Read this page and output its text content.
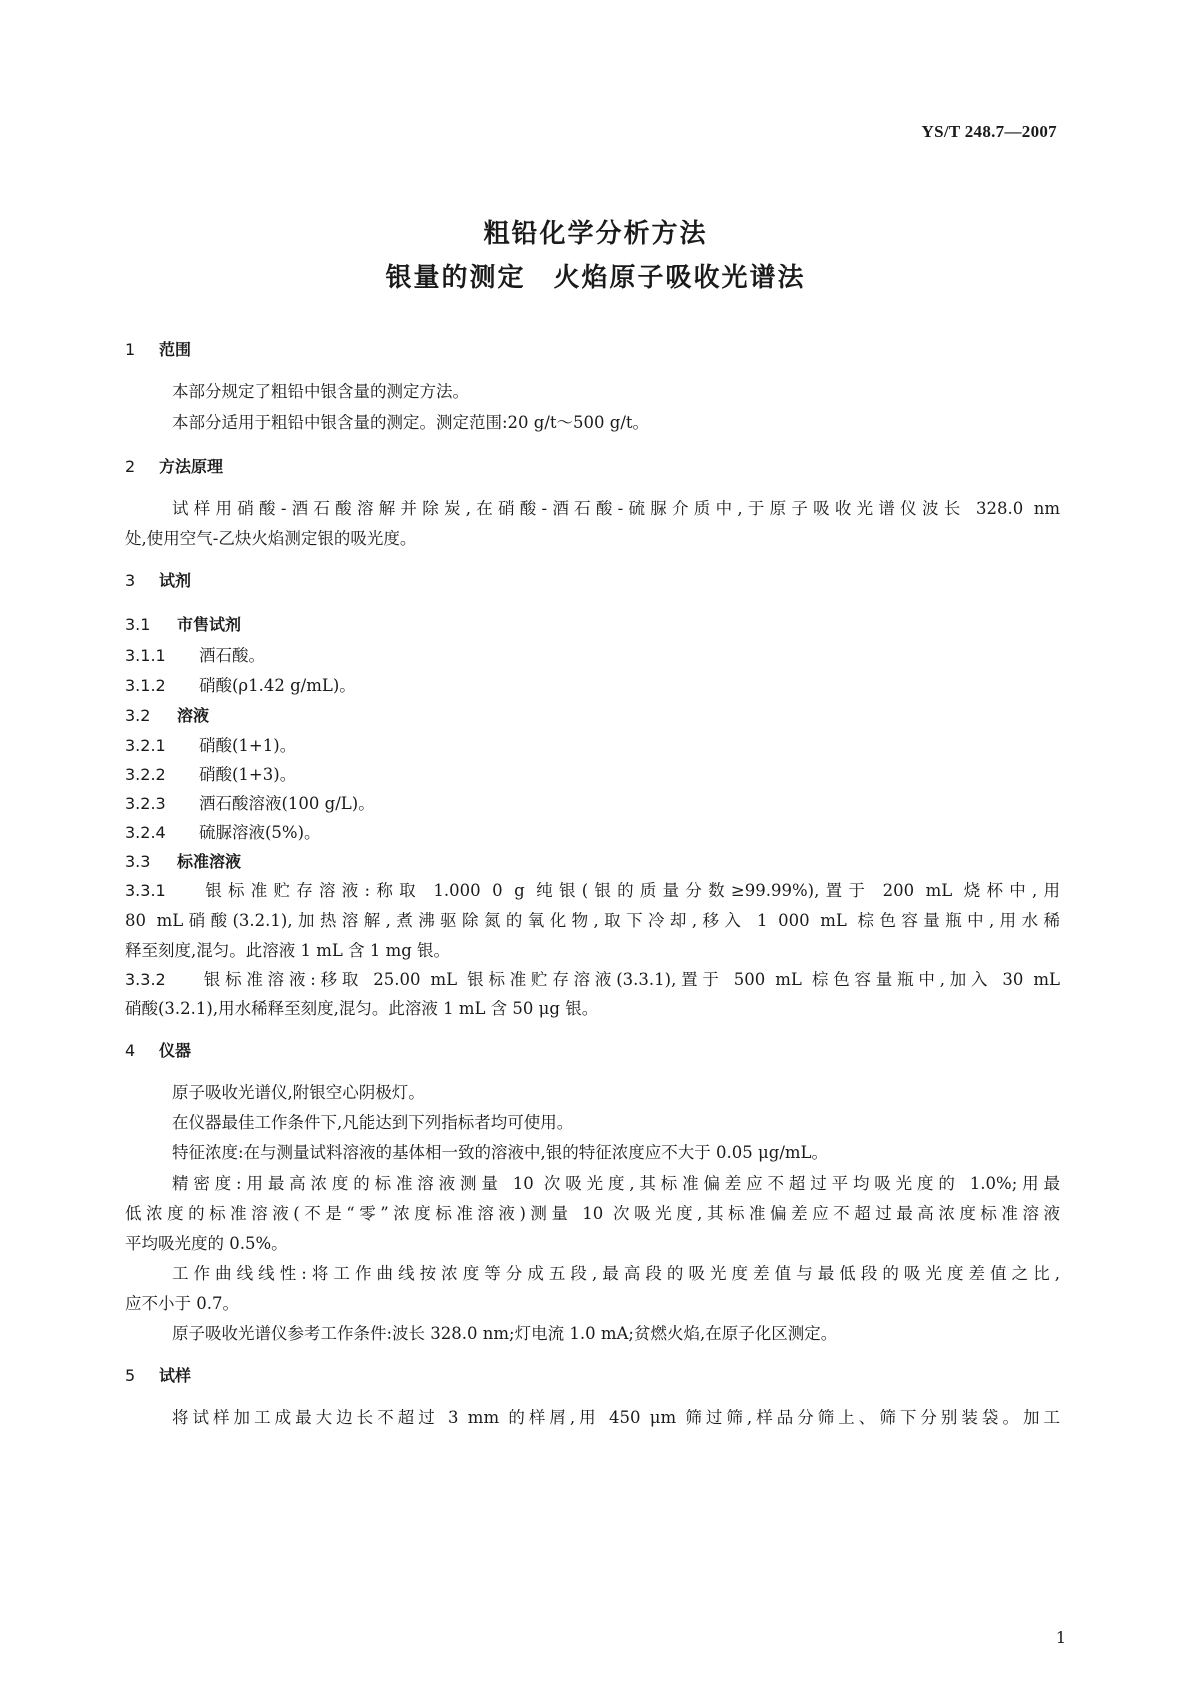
YS/T 248.7—2007
粗铅化学分析方法
银量的测定　火焰原子吸收光谱法
1 范围
本部分规定了粗铅中银含量的测定方法。
本部分适用于粗铅中银含量的测定。测定范围:20 g/t～500 g/t。
2 方法原理
试样用硝酸-酒石酸溶解并除炭,在硝酸-酒石酸-硫脲介质中,于原子吸收光谱仪波长 328.0 nm
处,使用空气-乙炔火焰测定银的吸光度。
3 试剂
3.1 市售试剂
3.1.1 酒石酸。
3.1.2 硝酸(ρ1.42 g/mL)。
3.2 溶液
3.2.1 硝酸(1+1)。
3.2.2 硝酸(1+3)。
3.2.3 酒石酸溶液(100 g/L)。
3.2.4 硫脲溶液(5%)。
3.3 标准溶液
3.3.1 银标准贮存溶液:称取 1.000 0 g 纯银(银的质量分数≥99.99%),置于 200 mL 烧杯中,用
80 mL硝酸(3.2.1),加热溶解,煮沸驱除氮的氧化物,取下冷却,移入 1 000 mL 棕色容量瓶中,用水稀
释至刻度,混匀。此溶液 1 mL 含 1 mg 银。
3.3.2 银标准溶液:移取 25.00 mL 银标准贮存溶液(3.3.1),置于 500 mL 棕色容量瓶中,加入 30 mL
硝酸(3.2.1),用水稀释至刻度,混匀。此溶液 1 mL 含 50 μg 银。
4 仪器
原子吸收光谱仪,附银空心阴极灯。
在仪器最佳工作条件下,凡能达到下列指标者均可使用。
特征浓度:在与测量试料溶液的基体相一致的溶液中,银的特征浓度应不大于 0.05 μg/mL。
精密度:用最高浓度的标准溶液测量 10 次吸光度,其标准偏差应不超过平均吸光度的 1.0%;用最
低浓度的标准溶液(不是“零”浓度标准溶液)测量 10 次吸光度,其标准偏差应不超过最高浓度标准溶液
平均吸光度的 0.5%。
工作曲线线性:将工作曲线按浓度等分成五段,最高段的吸光度差值与最低段的吸光度差值之比,
应不小于 0.7。
原子吸收光谱仪参考工作条件:波长 328.0 nm;灯电流 1.0 mA;贫燃火焰,在原子化区测定。
5 试样
将试样加工成最大边长不超过 3 mm 的样屑,用 450 μm 筛过筛,样品分筛上、筛下分别装袋。加工
1
